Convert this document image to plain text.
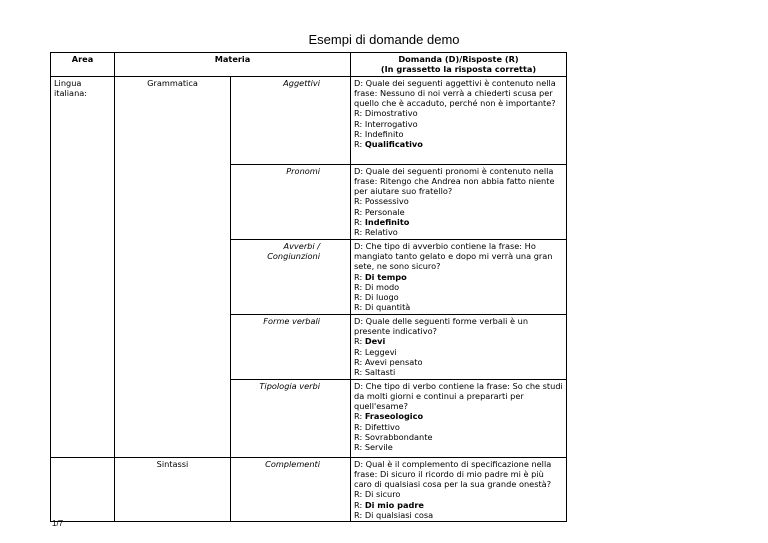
Esempi di domande demo
Area	Materia		Domanda (D)/Risposte (R)
(In grassetto la risposta corretta)

Lingua italiana:	Grammatica	Aggettivi	D: Quale dei seguenti aggettivi è contenuto nella frase: Nessuno di noi verrà a chiederti scusa per quello che è accaduto, perché non è importante?
R: Dimostrativo
R: Interrogativo
R: Indefinito
R: Qualificativo

		Pronomi	D: Quale dei seguenti pronomi è contenuto nella frase: Ritengo che Andrea non abbia fatto niente per aiutare suo fratello?
R: Possessivo
R: Personale
R: Indefinito
R: Relativo

		Avverbi / Congiunzioni	D: Che tipo di avverbio contiene la frase: Ho mangiato tanto gelato e dopo mi verrà una gran sete, ne sono sicuro?
R: Di tempo
R: Di modo
R: Di luogo
R: Di quantità

		Forme verbali	D: Quale delle seguenti forme verbali è un presente indicativo?
R: Devi
R: Leggevi
R: Avevi pensato
R: Saltasti

		Tipologia verbi	D: Che tipo di verbo contiene la frase: So che studi da molti giorni e continui a prepararti per quell'esame?
R: Fraseologico
R: Difettivo
R: Sovrabbondante
R: Servile

	Sintassi	Complementi	D: Qual è il complemento di specificazione nella frase: Di sicuro il ricordo di mio padre mi è più caro di qualsiasi cosa per la sua grande onestà?
R: Di sicuro
R: Di mio padre
R: Di qualsiasi cosa
1/7
